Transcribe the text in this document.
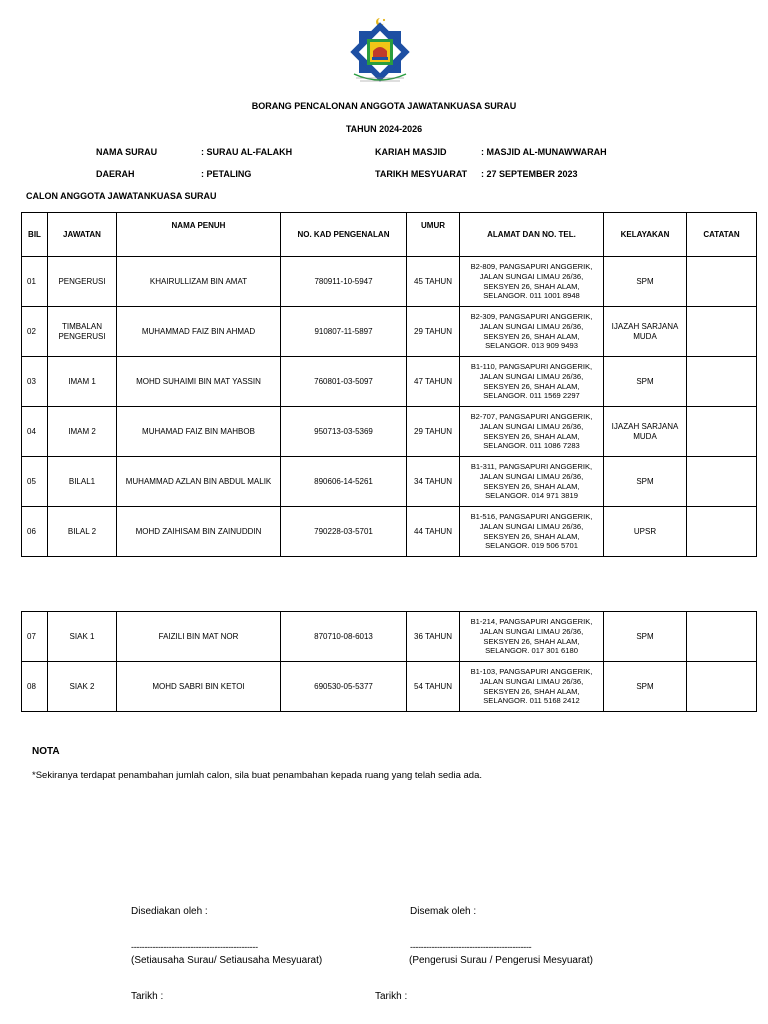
BORANG PENCALONAN ANGGOTA JAWATANKUASA SURAU
TAHUN 2024-2026
NAMA SURAU	: SURAU AL-FALAKH	KARIAH MASJID	: MASJID AL-MUNAWWARAH
DAERAH	: PETALING	TARIKH MESYUARAT : 27 SEPTEMBER 2023
CALON ANGGOTA JAWATANKUASA SURAU
BIL	JAWATAN	NAMA PENUH	NO. KAD PENGENALAN	UMUR	ALAMAT DAN NO. TEL.	KELAYAKAN	CATATAN
01	PENGERUSI	KHAIRULLIZAM BIN AMAT	780911-10-5947	45 TAHUN	B2-809, PANGSAPURI ANGGERIK, JALAN SUNGAI LIMAU 26/36, SEKSYEN 26, SHAH ALAM, SELANGOR. 011 1001 8948	SPM	
02	TIMBALAN PENGERUSI	MUHAMMAD FAIZ BIN AHMAD	910807-11-5897	29 TAHUN	B2-309, PANGSAPURI ANGGERIK, JALAN SUNGAI LIMAU 26/36, SEKSYEN 26, SHAH ALAM, SELANGOR. 013 909 9493	IJAZAH SARJANA MUDA	
03	IMAM 1	MOHD SUHAIMI BIN MAT YASSIN	760801-03-5097	47 TAHUN	B1-110, PANGSAPURI ANGGERIK, JALAN SUNGAI LIMAU 26/36, SEKSYEN 26, SHAH ALAM, SELANGOR. 011 1569 2297	SPM	
04	IMAM 2	MUHAMAD FAIZ BIN MAHBOB	950713-03-5369	29 TAHUN	B2-707, PANGSAPURI ANGGERIK, JALAN SUNGAI LIMAU 26/36, SEKSYEN 26, SHAH ALAM, SELANGOR. 011 1086 7283	IJAZAH SARJANA MUDA	
05	BILAL1	MUHAMMAD AZLAN BIN ABDUL MALIK	890606-14-5261	34 TAHUN	B1-311, PANGSAPURI ANGGERIK, JALAN SUNGAI LIMAU 26/36, SEKSYEN 26, SHAH ALAM, SELANGOR. 014 971 3819	SPM	
06	BILAL 2	MOHD ZAIHISAM BIN ZAINUDDIN	790228-03-5701	44 TAHUN	B1-516, PANGSAPURI ANGGERIK, JALAN SUNGAI LIMAU 26/36, SEKSYEN 26, SHAH ALAM, SELANGOR. 019 506 5701	UPSR	
07	SIAK 1	FAIZILI BIN MAT NOR	870710-08-6013	36 TAHUN	B1-214, PANGSAPURI ANGGERIK, JALAN SUNGAI LIMAU 26/36, SEKSYEN 26, SHAH ALAM, SELANGOR. 017 301 6180	SPM	
08	SIAK 2	MOHD SABRI BIN KETOI	690530-05-5377	54 TAHUN	B1-103, PANGSAPURI ANGGERIK, JALAN SUNGAI LIMAU 26/36, SEKSYEN 26, SHAH ALAM, SELANGOR. 011 5168 2412	SPM	
NOTA
*Sekiranya terdapat penambahan jumlah calon, sila buat penambahan kepada ruang yang telah sedia ada.
Disediakan oleh :
-----------------------------------------------
(Setiausaha Surau/ Setiausaha Mesyuarat)
Tarikh :
Disemak oleh :
---------------------------------------------
(Pengerusi Surau / Pengerusi Mesyuarat)
Tarikh :
